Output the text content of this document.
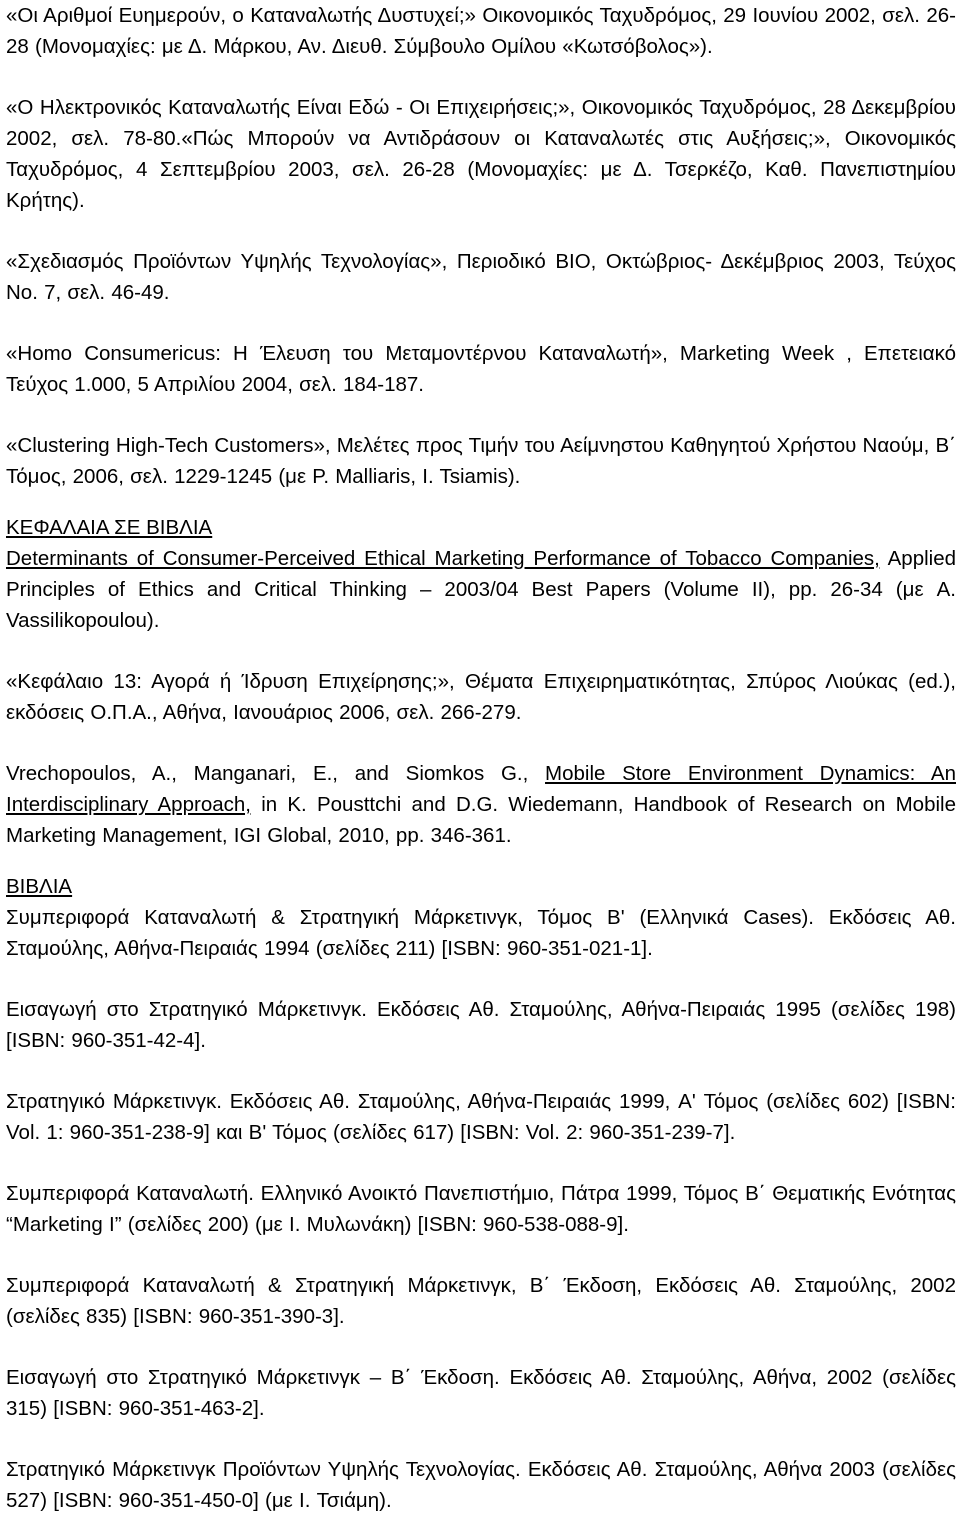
«Οι Αριθμοί Ευημερούν, ο Καταναλωτής Δυστυχεί;» Οικονομικός Ταχυδρόμος, 29 Ιουνίου 2002, σελ. 26-28 (Μονομαχίες: με Δ. Μάρκου, Αν. Διευθ. Σύμβουλο Ομίλου «Κωτσόβολος»).

«Ο Ηλεκτρονικός Καταναλωτής Είναι Εδώ - Οι Επιχειρήσεις;», Οικονομικός Ταχυδρόμος, 28 Δεκεμβρίου 2002, σελ. 78-80.«Πώς Μπορούν να Αντιδράσουν οι Καταναλωτές στις Αυξήσεις;», Οικονομικός Ταχυδρόμος, 4 Σεπτεμβρίου 2003, σελ. 26-28 (Μονομαχίες: με Δ. Τσερκέζο, Καθ. Πανεπιστημίου Κρήτης).

«Σχεδιασμός Προϊόντων Υψηλής Τεχνολογίας», Περιοδικό ΒΙΟ, Οκτώβριος- Δεκέμβριος 2003, Τεύχος Νο. 7, σελ. 46-49.

«Homo Consumericus: Η Έλευση του Μεταμοντέρνου Καταναλωτή», Marketing Week , Επετειακό Τεύχος 1.000, 5 Απριλίου 2004, σελ. 184-187.

«Clustering High-Tech Customers», Μελέτες προς Τιμήν του Αείμνηστου Καθηγητού Χρήστου Ναούμ, Β΄ Τόμος, 2006, σελ. 1229-1245 (με P. Malliaris, I. Tsiamis).

ΚΕΦΑΛΑΙΑ ΣΕ ΒΙΒΛΙΑ

Determinants of Consumer-Perceived Ethical Marketing Performance of Tobacco Companies, Applied Principles of Ethics and Critical Thinking – 2003/04 Best Papers (Volume II), pp. 26-34 (με A. Vassilikopoulou).

«Κεφάλαιο 13: Αγορά ή Ίδρυση Επιχείρησης;», Θέματα Επιχειρηματικότητας, Σπύρος Λιούκας (ed.), εκδόσεις Ο.Π.Α., Αθήνα, Ιανουάριος 2006, σελ. 266-279.

Vrechopoulos, A., Manganari, E., and Siomkos G., Mobile Store Environment Dynamics: An Interdisciplinary Approach, in K. Pousttchi and D.G. Wiedemann, Handbook of Research on Mobile Marketing Management, IGI Global, 2010, pp. 346-361.

ΒΙΒΛΙΑ

Συμπεριφορά Καταναλωτή & Στρατηγική Μάρκετινγκ, Τόμος B' (Ελληνικά Cases). Εκδόσεις Αθ. Σταμούλης, Αθήνα-Πειραιάς 1994 (σελίδες 211) [ISBN: 960-351-021-1].

Εισαγωγή στο Στρατηγικό Μάρκετινγκ. Εκδόσεις Αθ. Σταμούλης, Αθήνα-Πειραιάς 1995 (σελίδες 198) [ISBN: 960-351-42-4].

Στρατηγικό Μάρκετινγκ. Εκδόσεις Αθ. Σταμούλης, Αθήνα-Πειραιάς 1999, A' Τόμος (σελίδες 602) [ISBN: Vol. 1: 960-351-238-9] και Β' Τόμος (σελίδες 617) [ISBN: Vol. 2: 960-351-239-7].

Συμπεριφορά Καταναλωτή. Ελληνικό Ανοικτό Πανεπιστήμιο, Πάτρα 1999, Τόμος Β΄ Θεματικής Ενότητας “Marketing I” (σελίδες 200) (με I. Μυλωνάκη) [ISBN: 960-538-088-9].

Συμπεριφορά Καταναλωτή & Στρατηγική Μάρκετινγκ, Β΄ Έκδοση, Εκδόσεις Αθ. Σταμούλης, 2002 (σελίδες 835) [ISBN: 960-351-390-3].

Εισαγωγή στο Στρατηγικό Μάρκετινγκ – Β΄ Έκδοση. Εκδόσεις Αθ. Σταμούλης, Αθήνα, 2002 (σελίδες 315) [ISBN: 960-351-463-2].

Στρατηγικό Μάρκετινγκ Προϊόντων Υψηλής Τεχνολογίας. Εκδόσεις Αθ. Σταμούλης, Αθήνα 2003 (σελίδες 527) [ISBN: 960-351-450-0] (με I. Τσιάμη).
